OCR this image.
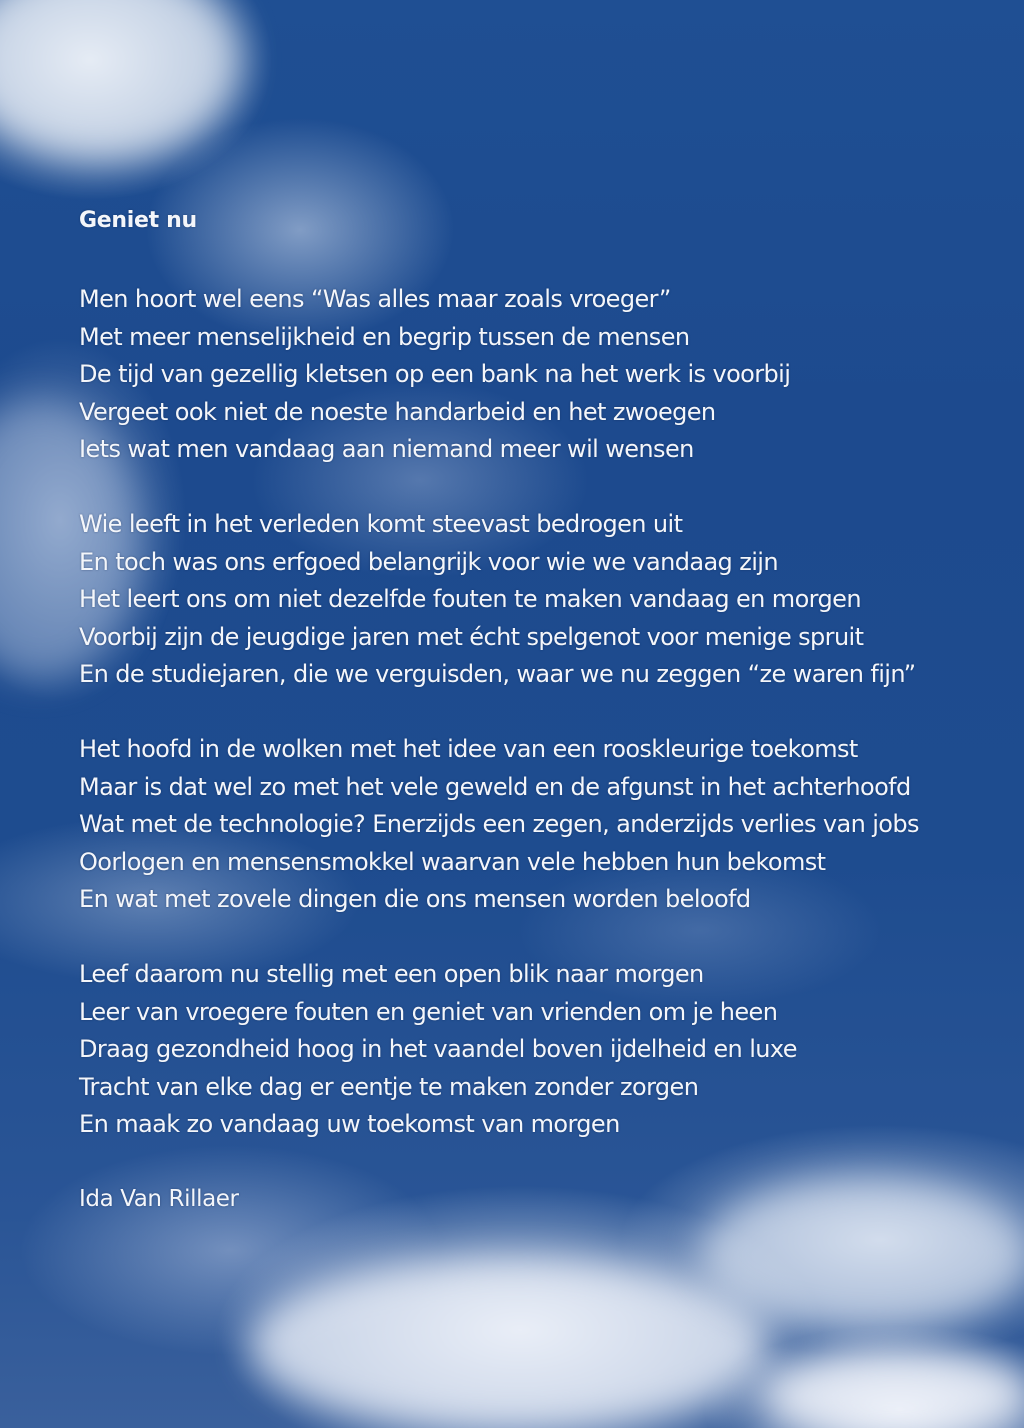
Geniet nu
Men hoort wel eens “Was alles maar zoals vroeger”
Met meer menselijkheid en begrip tussen de mensen
De tijd van gezellig kletsen op een bank na het werk is voorbij
Vergeet ook niet de noeste handarbeid en het zwoegen
Iets wat men vandaag aan niemand meer wil wensen
Wie leeft in het verleden komt steevast bedrogen uit
En toch was ons erfgoed belangrijk voor wie we vandaag zijn
Het leert ons om niet dezelfde fouten te maken vandaag en morgen
Voorbij zijn de jeugdige jaren met écht spelgenot voor menige spruit
En de studiejaren, die we verguisden, waar we nu zeggen “ze waren fijn”
Het hoofd in de wolken met het idee van een rooskleurige toekomst
Maar is dat wel zo met het vele geweld en de afgunst in het achterhoofd
Wat met de technologie? Enerzijds een zegen, anderzijds verlies van jobs
Oorlogen en mensensmokkel waarvan vele hebben hun bekomst
En wat met zovele dingen die ons mensen worden beloofd
Leef daarom nu stellig met een open blik naar morgen
Leer van vroegere fouten en geniet van vrienden om je heen
Draag gezondheid hoog in het vaandel boven ijdelheid en luxe
Tracht van elke dag er eentje te maken zonder zorgen
En maak zo vandaag uw toekomst van morgen
Ida Van Rillaer
